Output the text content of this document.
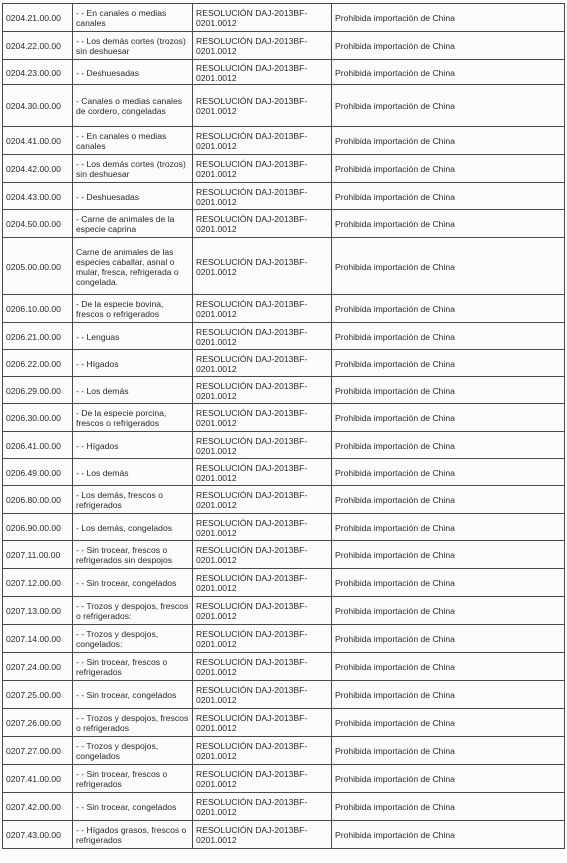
0204.21.00.00	- - En canales o medias canales	RESOLUCIÓN DAJ-2013BF-0201.0012	Prohibida importación de China
0204.22.00.00	- - Los demás cortes (trozos) sin deshuesar	RESOLUCIÓN DAJ-2013BF-0201.0012	Prohibida importación de China
0204.23.00.00	- - Deshuesadas	RESOLUCIÓN DAJ-2013BF-0201.0012	Prohibida importación de China
0204.30.00.00	- Canales o medias canales de cordero, congeladas	RESOLUCIÓN DAJ-2013BF-0201.0012	Prohibida importación de China
0204.41.00.00	- - En canales o medias canales	RESOLUCIÓN DAJ-2013BF-0201.0012	Prohibida importación de China
0204.42.00.00	- - Los demás cortes (trozos) sin deshuesar	RESOLUCIÓN DAJ-2013BF-0201.0012	Prohibida importación de China
0204.43.00.00	- - Deshuesadas	RESOLUCIÓN DAJ-2013BF-0201.0012	Prohibida importación de China
0204.50.00.00	- Carne de animales de la especie caprina	RESOLUCIÓN DAJ-2013BF-0201.0012	Prohibida importación de China
0205.00.00.00	Carne de animales de las especies caballar, asnal o mular, fresca, refrigerada o congelada.	RESOLUCIÓN DAJ-2013BF-0201.0012	Prohibida importación de China
0206.10.00.00	- De la especie bovina, frescos o refrigerados	RESOLUCIÓN DAJ-2013BF-0201.0012	Prohibida importación de China
0206.21.00.00	- - Lenguas	RESOLUCIÓN DAJ-2013BF-0201.0012	Prohibida importación de China
0206.22.00.00	- - Hígados	RESOLUCIÓN DAJ-2013BF-0201.0012	Prohibida importación de China
0206.29.00.00	- - Los demás	RESOLUCIÓN DAJ-2013BF-0201.0012	Prohibida importación de China
0206.30.00.00	- De la especie porcina, frescos o refrigerados	RESOLUCIÓN DAJ-2013BF-0201.0012	Prohibida importación de China
0206.41.00.00	- - Hígados	RESOLUCIÓN DAJ-2013BF-0201.0012	Prohibida importación de China
0206.49.00.00	- - Los demás	RESOLUCIÓN DAJ-2013BF-0201.0012	Prohibida importación de China
0206.80.00.00	- Los demás, frescos o refrigerados	RESOLUCIÓN DAJ-2013BF-0201.0012	Prohibida importación de China
0206.90.00.00	- Los demás, congelados	RESOLUCIÓN DAJ-2013BF-0201.0012	Prohibida importación de China
0207.11.00.00	- - Sin trocear, frescos o refrigerados sin despojos	RESOLUCIÓN DAJ-2013BF-0201.0012	Prohibida importación de China
0207.12.00.00	- - Sin trocear, congelados	RESOLUCIÓN DAJ-2013BF-0201.0012	Prohibida importación de China
0207.13.00.00	- - Trozos y despojos, frescos o refrigerados:	RESOLUCIÓN DAJ-2013BF-0201.0012	Prohibida importación de China
0207.14.00.00	- - Trozos y despojos, congelados:	RESOLUCIÓN DAJ-2013BF-0201.0012	Prohibida importación de China
0207.24.00.00	- - Sin trocear, frescos o refrigerados	RESOLUCIÓN DAJ-2013BF-0201.0012	Prohibida importación de China
0207.25.00.00	- - Sin trocear, congelados	RESOLUCIÓN DAJ-2013BF-0201.0012	Prohibida importación de China
0207.26.00.00	- - Trozos y despojos, frescos o refrigerados	RESOLUCIÓN DAJ-2013BF-0201.0012	Prohibida importación de China
0207.27.00.00	- - Trozos y despojos, congelados	RESOLUCIÓN DAJ-2013BF-0201.0012	Prohibida importación de China
0207.41.00.00	- - Sin trocear, frescos o refrigerados	RESOLUCIÓN DAJ-2013BF-0201.0012	Prohibida importación de China
0207.42.00.00	- - Sin trocear, congelados	RESOLUCIÓN DAJ-2013BF-0201.0012	Prohibida importación de China
0207.43.00.00	- - Hígados grasos, frescos o refrigerados	RESOLUCIÓN DAJ-2013BF-0201.0012	Prohibida importación de China
